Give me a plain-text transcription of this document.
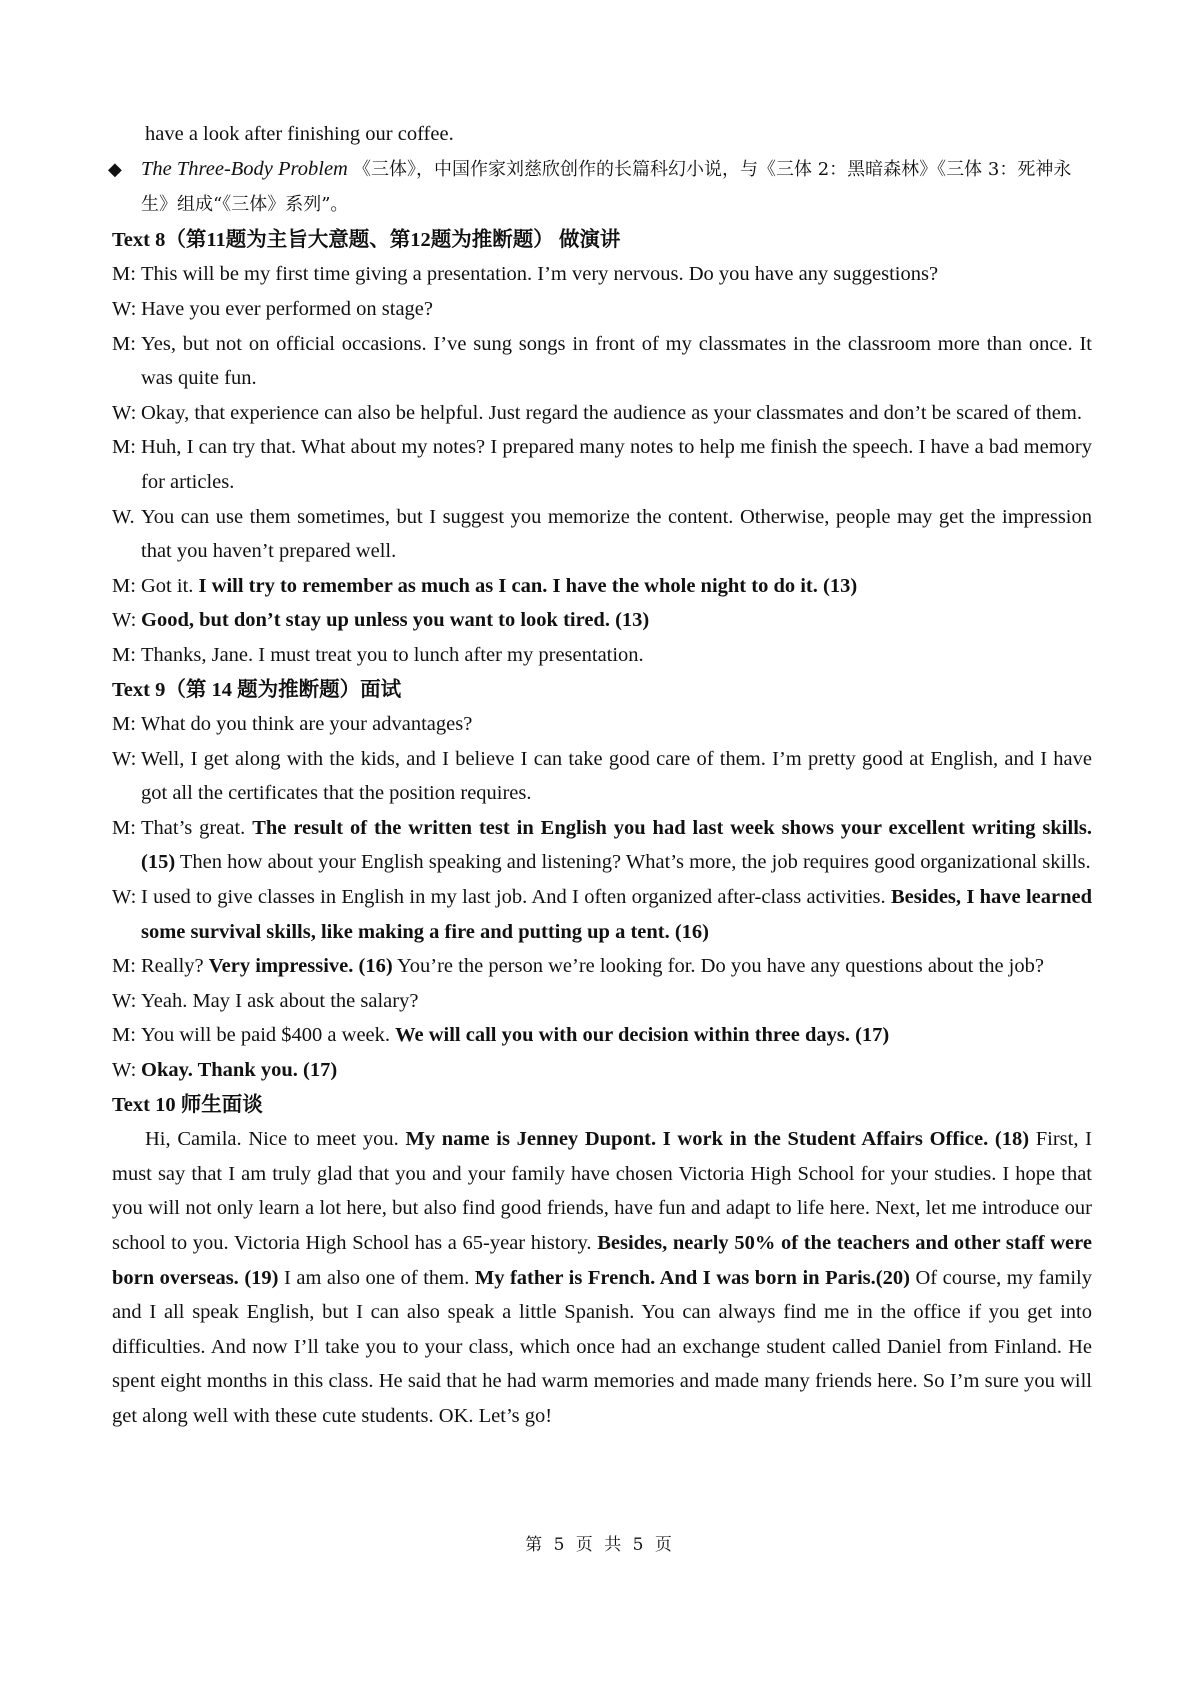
have a look after finishing our coffee.
◆ The Three-Body Problem 《三体》，中国作家刘慈欣创作的长篇科幻小说，与《三体 2：黑暗森林》《三体 3：死神永生》组成“《三体》系列”。
Text 8（第11题为主旨大意题、第12题为推断题） 做演讲
M: This will be my first time giving a presentation. I’m very nervous. Do you have any suggestions?
W: Have you ever performed on stage?
M: Yes, but not on official occasions. I’ve sung songs in front of my classmates in the classroom more than once. It was quite fun.
W: Okay, that experience can also be helpful. Just regard the audience as your classmates and don’t be scared of them.
M: Huh, I can try that. What about my notes? I prepared many notes to help me finish the speech. I have a bad memory for articles.
W. You can use them sometimes, but I suggest you memorize the content. Otherwise, people may get the impression that you haven’t prepared well.
M: Got it. I will try to remember as much as I can. I have the whole night to do it. (13)
W: Good, but don’t stay up unless you want to look tired. (13)
M: Thanks, Jane. I must treat you to lunch after my presentation.
Text 9（第 14 题为推断题）面试
M: What do you think are your advantages?
W: Well, I get along with the kids, and I believe I can take good care of them. I’m pretty good at English, and I have got all the certificates that the position requires.
M: That’s great. The result of the written test in English you had last week shows your excellent writing skills. (15) Then how about your English speaking and listening? What’s more, the job requires good organizational skills.
W: I used to give classes in English in my last job. And I often organized after-class activities. Besides, I have learned some survival skills, like making a fire and putting up a tent. (16)
M: Really? Very impressive. (16) You’re the person we’re looking for. Do you have any questions about the job?
W: Yeah. May I ask about the salary?
M: You will be paid $400 a week. We will call you with our decision within three days. (17)
W: Okay. Thank you. (17)
Text 10 师生面谈
Hi, Camila. Nice to meet you. My name is Jenney Dupont. I work in the Student Affairs Office. (18) First, I must say that I am truly glad that you and your family have chosen Victoria High School for your studies. I hope that you will not only learn a lot here, but also find good friends, have fun and adapt to life here. Next, let me introduce our school to you. Victoria High School has a 65-year history. Besides, nearly 50% of the teachers and other staff were born overseas. (19) I am also one of them. My father is French. And I was born in Paris.(20) Of course, my family and I all speak English, but I can also speak a little Spanish. You can always find me in the office if you get into difficulties. And now I’ll take you to your class, which once had an exchange student called Daniel from Finland. He spent eight months in this class. He said that he had warm memories and made many friends here. So I’m sure you will get along well with these cute students. OK. Let’s go!
第 5 页 共 5 页
